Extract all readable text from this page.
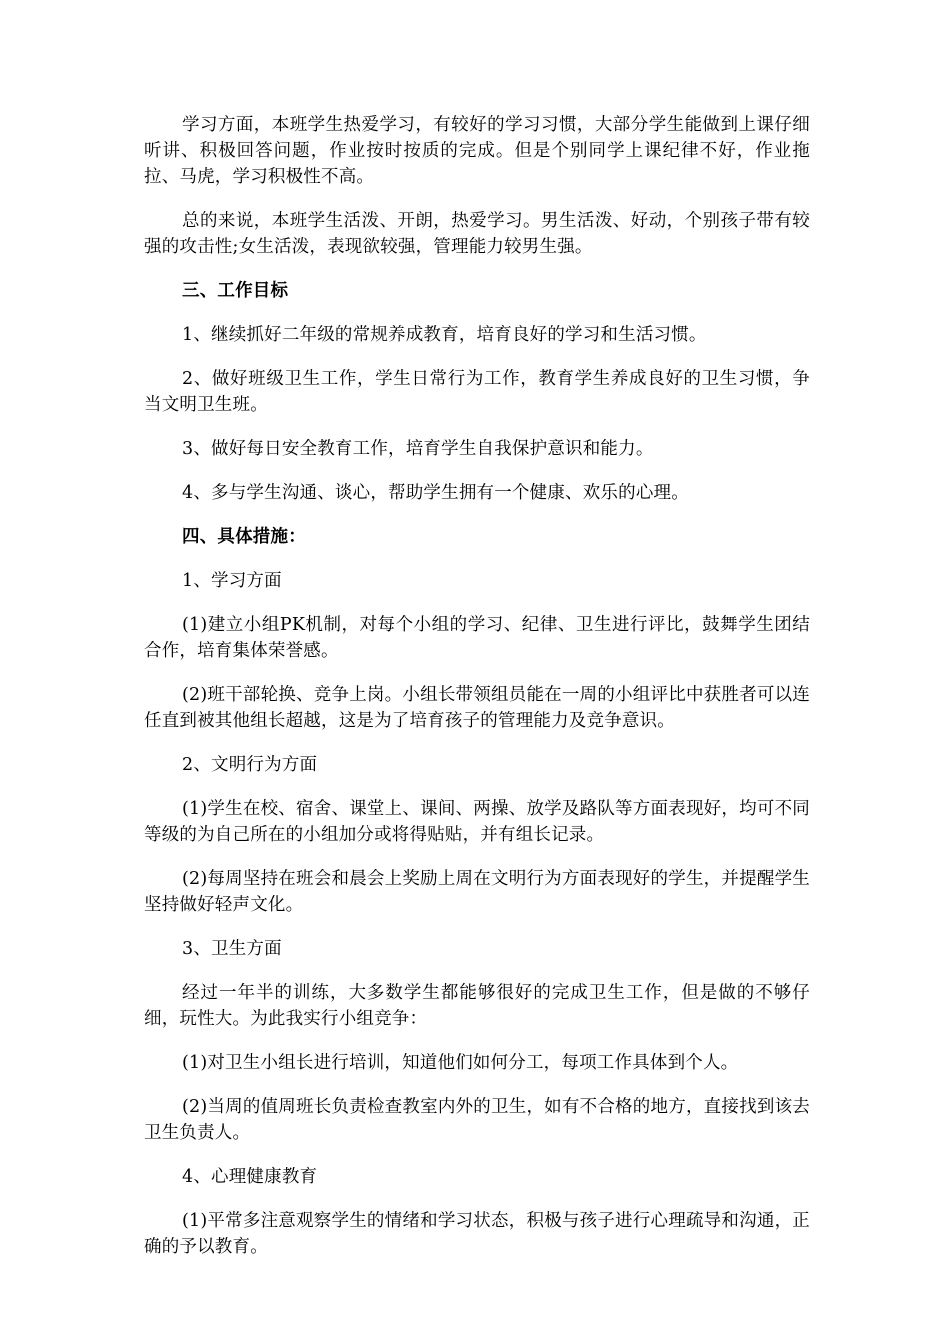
学习方面，本班学生热爱学习，有较好的学习习惯，大部分学生能做到上课仔细听讲、积极回答问题，作业按时按质的完成。但是个别同学上课纪律不好，作业拖拉、马虎，学习积极性不高。

总的来说，本班学生活泼、开朗，热爱学习。男生活泼、好动，个别孩子带有较强的攻击性;女生活泼，表现欲较强，管理能力较男生强。

三、工作目标

1、继续抓好二年级的常规养成教育，培育良好的学习和生活习惯。

2、做好班级卫生工作，学生日常行为工作，教育学生养成良好的卫生习惯，争当文明卫生班。

3、做好每日安全教育工作，培育学生自我保护意识和能力。

4、多与学生沟通、谈心，帮助学生拥有一个健康、欢乐的心理。

四、具体措施：

1、学习方面

(1)建立小组PK机制，对每个小组的学习、纪律、卫生进行评比，鼓舞学生团结合作，培育集体荣誉感。

(2)班干部轮换、竞争上岗。小组长带领组员能在一周的小组评比中获胜者可以连任直到被其他组长超越，这是为了培育孩子的管理能力及竞争意识。

2、文明行为方面

(1)学生在校、宿舍、课堂上、课间、两操、放学及路队等方面表现好，均可不同等级的为自己所在的小组加分或将得贴贴，并有组长记录。

(2)每周坚持在班会和晨会上奖励上周在文明行为方面表现好的学生，并提醒学生坚持做好轻声文化。

3、卫生方面

经过一年半的训练，大多数学生都能够很好的完成卫生工作，但是做的不够仔细，玩性大。为此我实行小组竞争：

(1)对卫生小组长进行培训，知道他们如何分工，每项工作具体到个人。

(2)当周的值周班长负责检查教室内外的卫生，如有不合格的地方，直接找到该去卫生负责人。

4、心理健康教育

(1)平常多注意观察学生的情绪和学习状态，积极与孩子进行心理疏导和沟通，正确的予以教育。
